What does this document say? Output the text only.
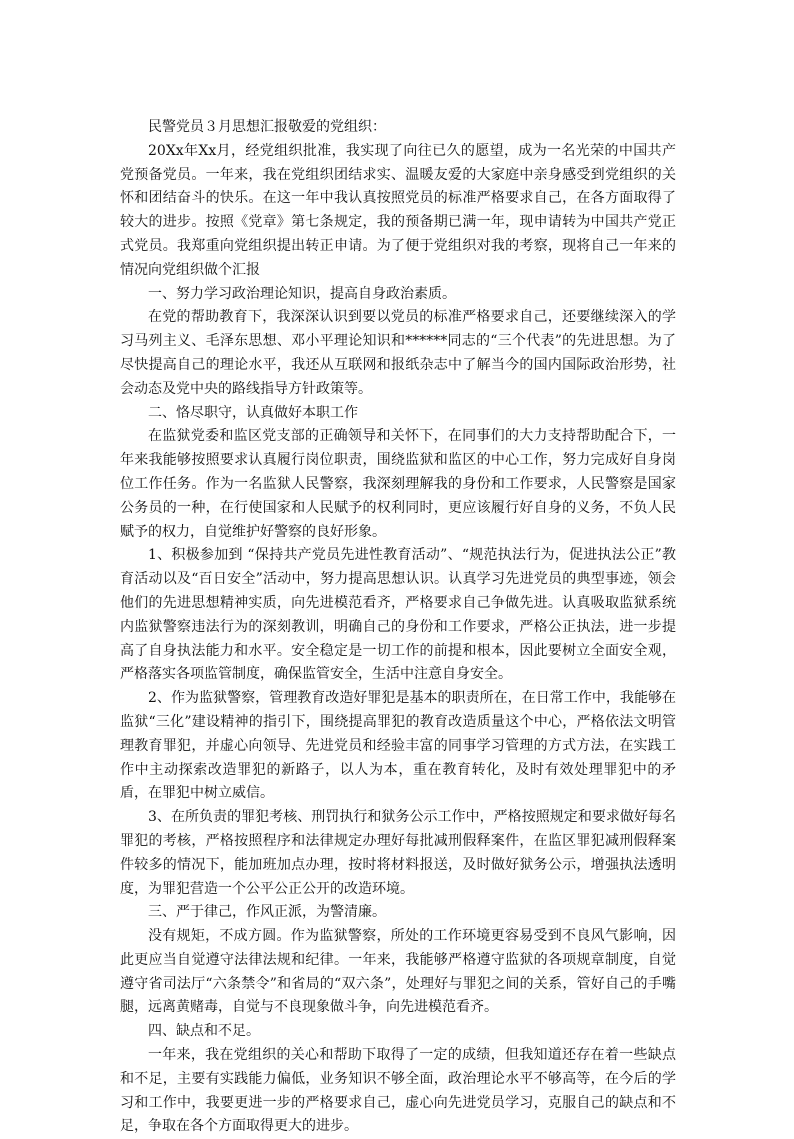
民警党员３月思想汇报敬爱的党组织：

20Xx年Xx月，经党组织批准，我实现了向往已久的愿望，成为一名光荣的中国共产党预备党员。一年来，我在党组织团结求实、温暖友爱的大家庭中亲身感受到党组织的关怀和团结奋斗的快乐。在这一年中我认真按照党员的标准严格要求自己，在各方面取得了较大的进步。按照《党章》第七条规定，我的预备期已满一年，现申请转为中国共产党正式党员。我郑重向党组织提出转正申请。为了便于党组织对我的考察，现将自己一年来的情况向党组织做个汇报

一、努力学习政治理论知识，提高自身政治素质。

在党的帮助教育下，我深深认识到要以党员的标准严格要求自己，还要继续深入的学习马列主义、毛泽东思想、邓小平理论知识和******同志的“三个代表”的先进思想。为了尽快提高自己的理论水平，我还从互联网和报纸杂志中了解当今的国内国际政治形势，社会动态及党中央的路线指导方针政策等。

二、恪尽职守，认真做好本职工作

在监狱党委和监区党支部的正确领导和关怀下，在同事们的大力支持帮助配合下，一年来我能够按照要求认真履行岗位职责，围绕监狱和监区的中心工作，努力完成好自身岗位工作任务。作为一名监狱人民警察，我深刻理解我的身份和工作要求，人民警察是国家公务员的一种，在行使国家和人民赋予的权利同时，更应该履行好自身的义务，不负人民赋予的权力，自觉维护好警察的良好形象。

1、积极参加到 “保持共产党员先进性教育活动”、“规范执法行为，促进执法公正”教育活动以及“百日安全”活动中，努力提高思想认识。认真学习先进党员的典型事迹，领会他们的先进思想精神实质，向先进模范看齐，严格要求自己争做先进。认真吸取监狱系统内监狱警察违法行为的深刻教训，明确自己的身份和工作要求，严格公正执法，进一步提高了自身执法能力和水平。安全稳定是一切工作的前提和根本，因此要树立全面安全观，严格落实各项监管制度，确保监管安全，生活中注意自身安全。

2、作为监狱警察，管理教育改造好罪犯是基本的职责所在，在日常工作中，我能够在监狱“三化”建设精神的指引下，围绕提高罪犯的教育改造质量这个中心，严格依法文明管理教育罪犯，并虚心向领导、先进党员和经验丰富的同事学习管理的方式方法，在实践工作中主动探索改造罪犯的新路子，以人为本，重在教育转化，及时有效处理罪犯中的矛盾，在罪犯中树立威信。

3、在所负责的罪犯考核、刑罚执行和狱务公示工作中，严格按照规定和要求做好每名罪犯的考核，严格按照程序和法律规定办理好每批减刑假释案件，在监区罪犯减刑假释案件较多的情况下，能加班加点办理，按时将材料报送，及时做好狱务公示，增强执法透明度，为罪犯营造一个公平公正公开的改造环境。

三、严于律己，作风正派，为警清廉。

没有规矩，不成方圆。作为监狱警察，所处的工作环境更容易受到不良风气影响，因此更应当自觉遵守法律法规和纪律。一年来，我能够严格遵守监狱的各项规章制度，自觉遵守省司法厅“六条禁令”和省局的“双六条”，处理好与罪犯之间的关系，管好自己的手嘴腿，远离黄赌毒，自觉与不良现象做斗争，向先进模范看齐。

四、缺点和不足。

一年来，我在党组织的关心和帮助下取得了一定的成绩，但我知道还存在着一些缺点和不足，主要有实践能力偏低，业务知识不够全面，政治理论水平不够高等，在今后的学习和工作中，我要更进一步的严格要求自己，虚心向先进党员学习，克服自己的缺点和不足，争取在各个方面取得更大的进步。
